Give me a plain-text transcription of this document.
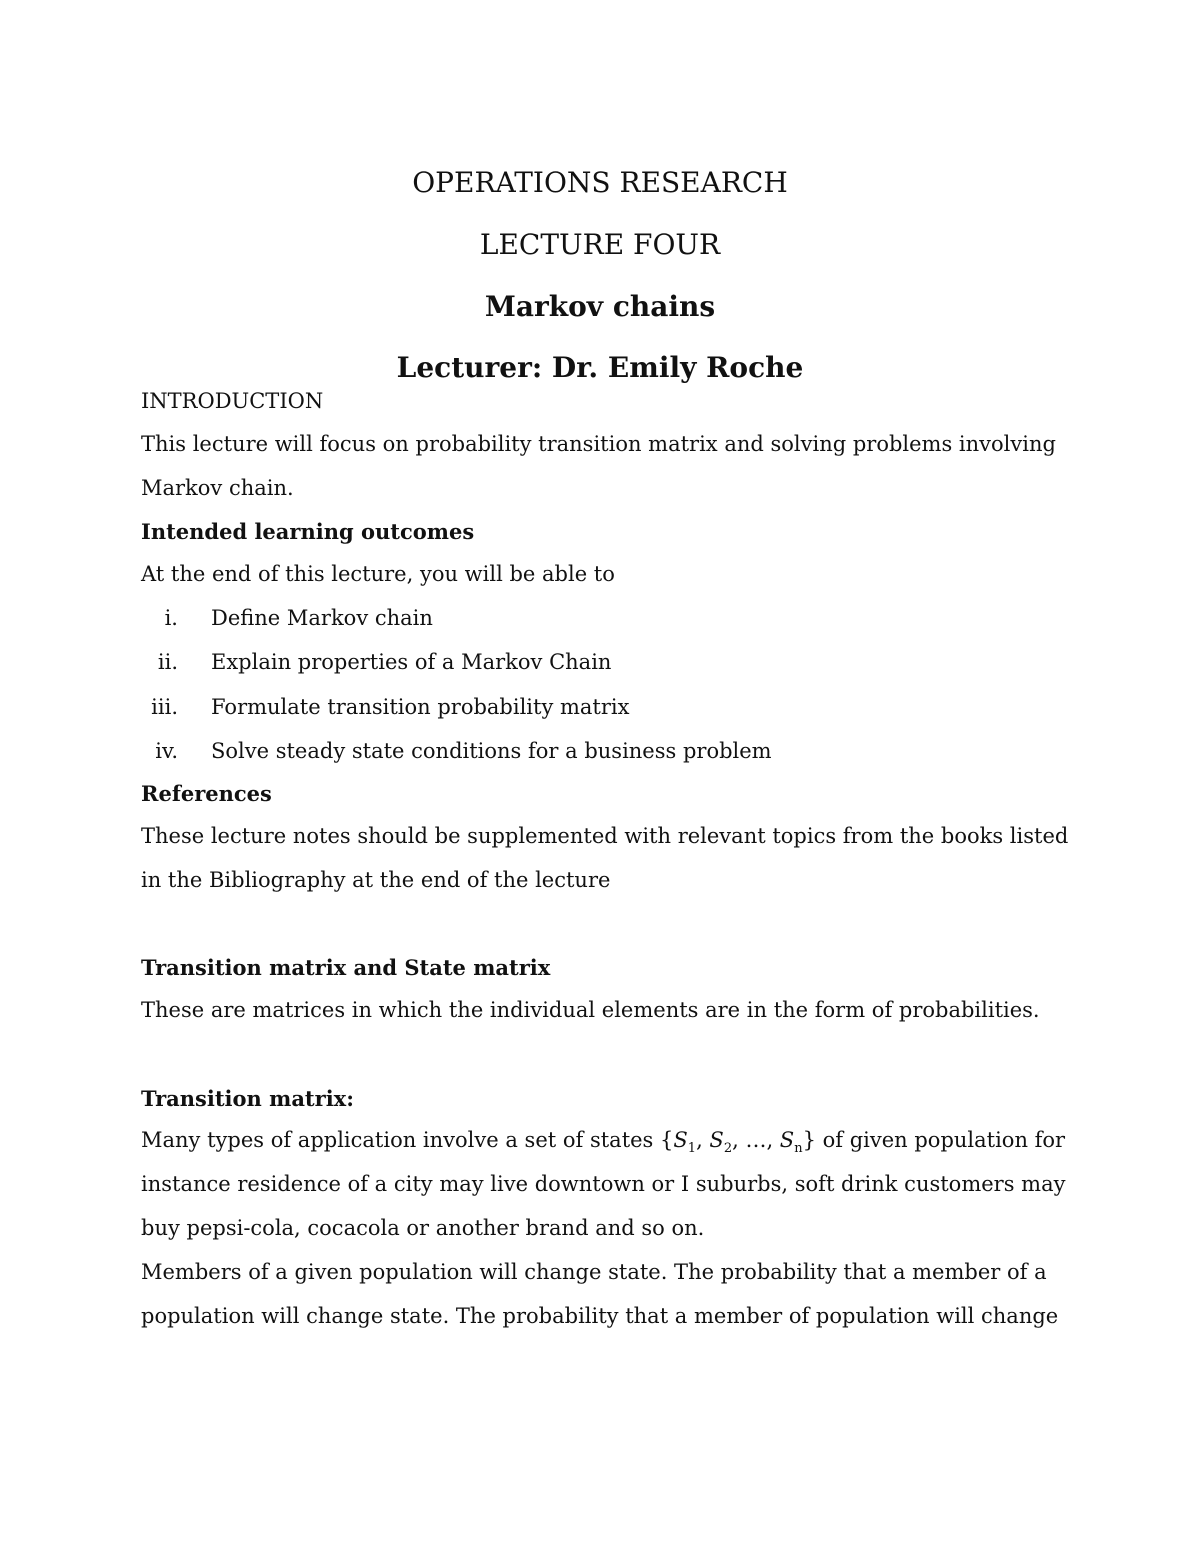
OPERATIONS RESEARCH
LECTURE FOUR
Markov chains
Lecturer: Dr. Emily Roche
INTRODUCTION
This lecture will focus on probability transition matrix and solving problems involving
Markov chain.
Intended learning outcomes
At the end of this lecture, you will be able to
i. Define Markov chain
ii. Explain properties of a Markov Chain
iii. Formulate transition probability matrix
iv. Solve steady state conditions for a business problem
References
These lecture notes should be supplemented with relevant topics from the books listed
in the Bibliography at the end of the lecture
Transition matrix and State matrix
These are matrices in which the individual elements are in the form of probabilities.
Transition matrix:
Many types of application involve a set of states {$S_1$, $S_2$, …, $S_n$} of given population for
instance residence of a city may live downtown or I suburbs, soft drink customers may
buy pepsi-cola, cocacola or another brand and so on.
Members of a given population will change state. The probability that a member of a
population will change state. The probability that a member of population will change
